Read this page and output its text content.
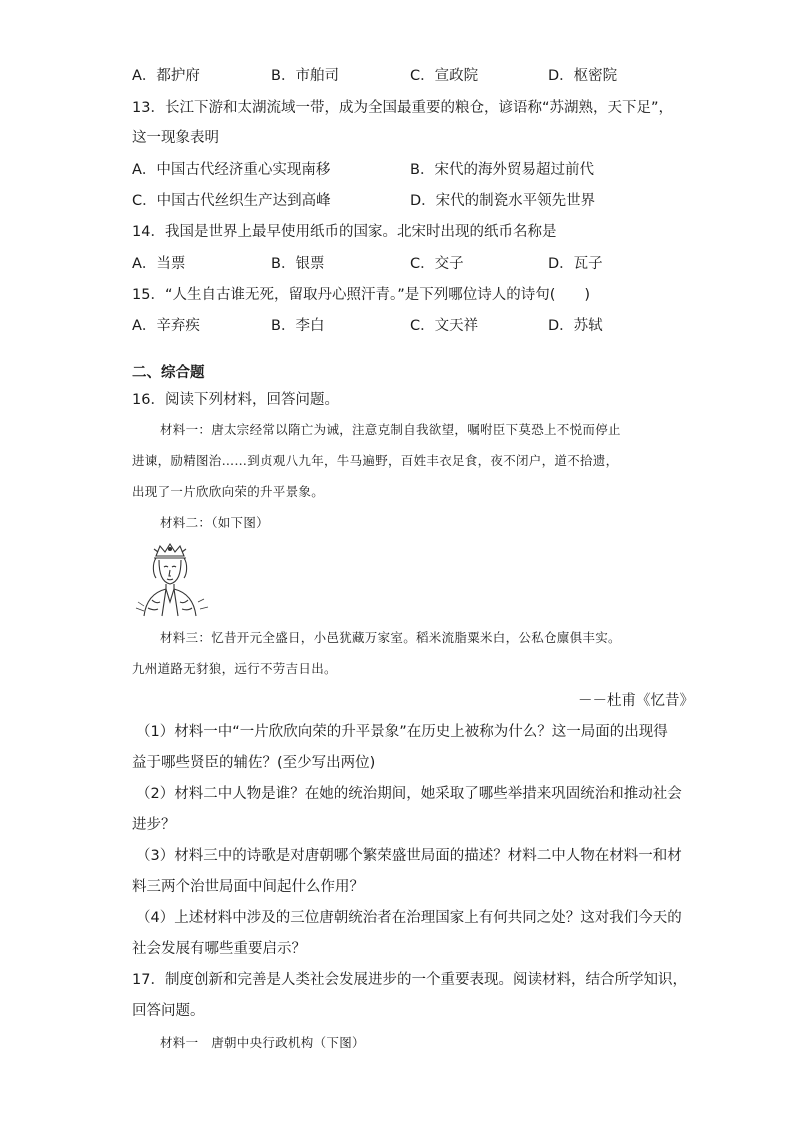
A．都护府	B．市舶司	C．宣政院	D．枢密院
13．长江下游和太湖流域一带，成为全国最重要的粮仓，谚语称“苏湖熟，天下足”，
这一现象表明
A．中国古代经济重心实现南移	B．宋代的海外贸易超过前代
C．中国古代丝织生产达到高峰	D．宋代的制瓷水平领先世界
14．我国是世界上最早使用纸币的国家。北宋时出现的纸币名称是
A．当票	B．银票	C．交子	D．瓦子
15．“人生自古谁无死，留取丹心照汗青。”是下列哪位诗人的诗句(　　)
A．辛弃疾	B．李白	C．文天祥	D．苏轼
二、综合题
16．阅读下列材料，回答问题。
材料一：唐太宗经常以隋亡为诫，注意克制自我欲望，嘱咐臣下莫恐上不悦而停止
进谏，励精图治……到贞观八九年，牛马遍野，百姓丰衣足食，夜不闭户，道不拾遗，
出现了一片欣欣向荣的升平景象。
材料二：（如下图）
材料三：忆昔开元全盛日，小邑犹藏万家室。稻米流脂粟米白，公私仓廪俱丰实。
九州道路无豺狼，远行不劳吉日出。
－－杜甫《忆昔》
（1）材料一中“一片欣欣向荣的升平景象”在历史上被称为什么？这一局面的出现得
益于哪些贤臣的辅佐？(至少写出两位)
（2）材料二中人物是谁？在她的统治期间，她采取了哪些举措来巩固统治和推动社会
进步？
（3）材料三中的诗歌是对唐朝哪个繁荣盛世局面的描述？材料二中人物在材料一和材
料三两个治世局面中间起什么作用？
（4）上述材料中涉及的三位唐朝统治者在治理国家上有何共同之处？这对我们今天的
社会发展有哪些重要启示？
17．制度创新和完善是人类社会发展进步的一个重要表现。阅读材料，结合所学知识，
回答问题。
材料一　唐朝中央行政机构（下图）
